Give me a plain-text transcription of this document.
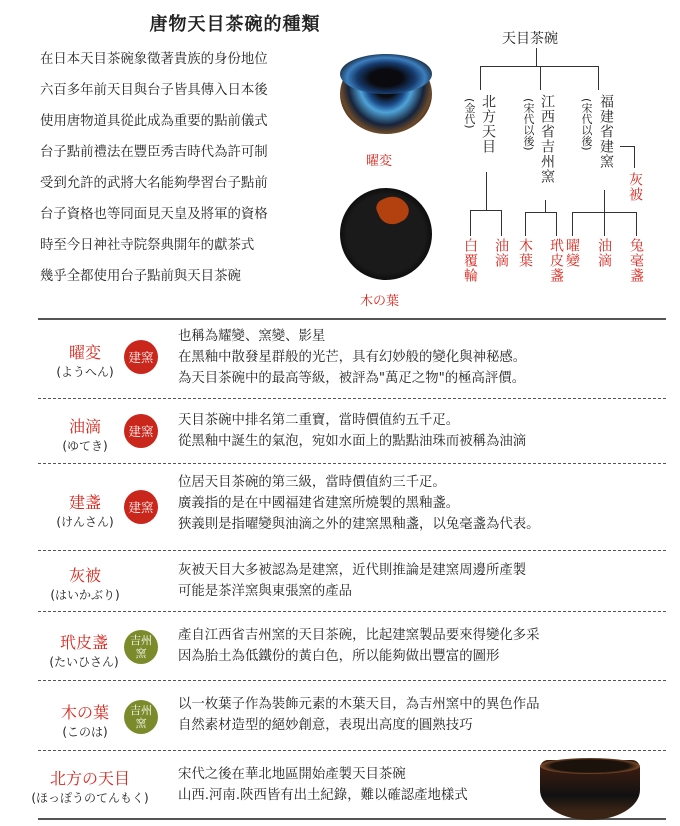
唐物天目茶碗的種類
在日本天目茶碗象徵著貴族的身份地位
六百多年前天目與台子皆具傳入日本後
使用唐物道具從此成為重要的點前儀式
台子點前禮法在豐臣秀吉時代為許可制
受到允許的武將大名能夠學習台子點前
台子資格也等同面見天皇及將軍的資格
時至今日神社寺院祭典開年的獻茶式
幾乎全都使用台子點前與天目茶碗
曜変
木の葉
天目茶碗
(金代) 北方天目
白覆輪 油滴
(宋代以後) 江西省吉州窯
木葉 玳皮盞
(宋代以後) 福建省建窯
灰被
曜變 油滴 兔毫盞
曜変
(ようへん)
建窯
也稱為耀變、窯變、影星
在黑釉中散發星群般的光芒，具有幻妙般的變化與神秘感。
為天目茶碗中的最高等級，被評為"萬疋之物"的極高評價。
油滴
(ゆてき)
建窯
天目茶碗中排名第二重寶，當時價值約五千疋。
從黑釉中誕生的氣泡，宛如水面上的點點油珠而被稱為油滴
建盞
(けんさん)
建窯
位居天目茶碗的第三級，當時價值約三千疋。
廣義指的是在中國福建省建窯所燒製的黑釉盞。
狹義則是指曜變與油滴之外的建窯黑釉盞，以兔毫盞為代表。
灰被
(はいかぶり)
灰被天目大多被認為是建窯，近代則推論是建窯周邊所產製
可能是茶洋窯與東張窯的產品
玳皮盞
(たいひさん)
吉州
窯
產自江西省吉州窯的天目茶碗，比起建窯製品要來得變化多采
因為胎土為低鐵份的黃白色，所以能夠做出豐富的圖形
木の葉
(このは)
吉州
窯
以一枚葉子作為裝飾元素的木葉天目，為吉州窯中的異色作品
自然素材造型的絕妙創意，表現出高度的圓熟技巧
北方の天目
(ほっぽうのてんもく)
宋代之後在華北地區開始產製天目茶碗
山西.河南.陝西皆有出土紀錄，難以確認產地樣式
